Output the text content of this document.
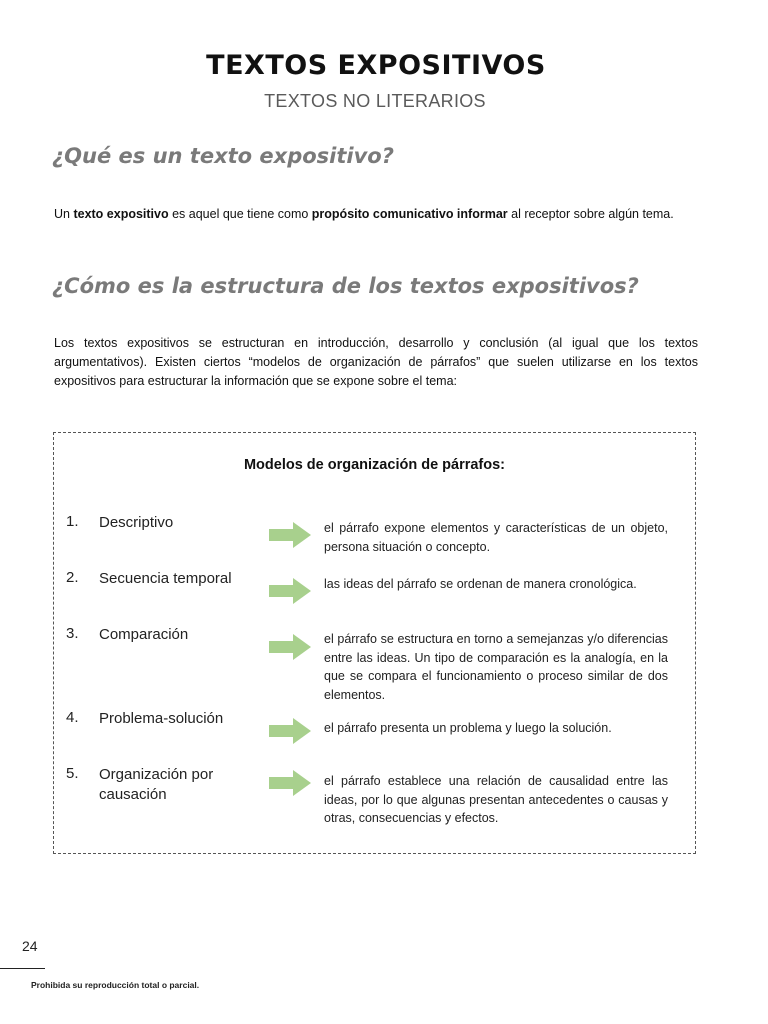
TEXTOS EXPOSITIVOS
TEXTOS NO LITERARIOS
¿Qué es un texto expositivo?
Un texto expositivo es aquel que tiene como propósito comunicativo informar al receptor sobre algún tema.
¿Cómo es la estructura de los textos expositivos?
Los textos expositivos se estructuran en introducción, desarrollo y conclusión (al igual que los textos argumentativos). Existen ciertos “modelos de organización de párrafos” que suelen utilizarse en los textos expositivos para estructurar la información que se expone sobre el tema:
Modelos de organización de párrafos:
1. Descriptivo	el párrafo expone elementos y características de un objeto, persona situación o concepto.
2. Secuencia temporal	las ideas del párrafo se ordenan de manera cronológica.
3. Comparación	el párrafo se estructura en torno a semejanzas y/o diferencias entre las ideas. Un tipo de comparación es la analogía, en la que se compara el funcionamiento o proceso similar de dos elementos.
4. Problema-solución
el párrafo presenta un problema y luego la solución.
5. Organización por causación
el párrafo establece una relación de causalidad entre las ideas, por lo que algunas presentan antecedentes o causas y otras, consecuencias y efectos.
24
Prohibida su reproducción total o parcial.
